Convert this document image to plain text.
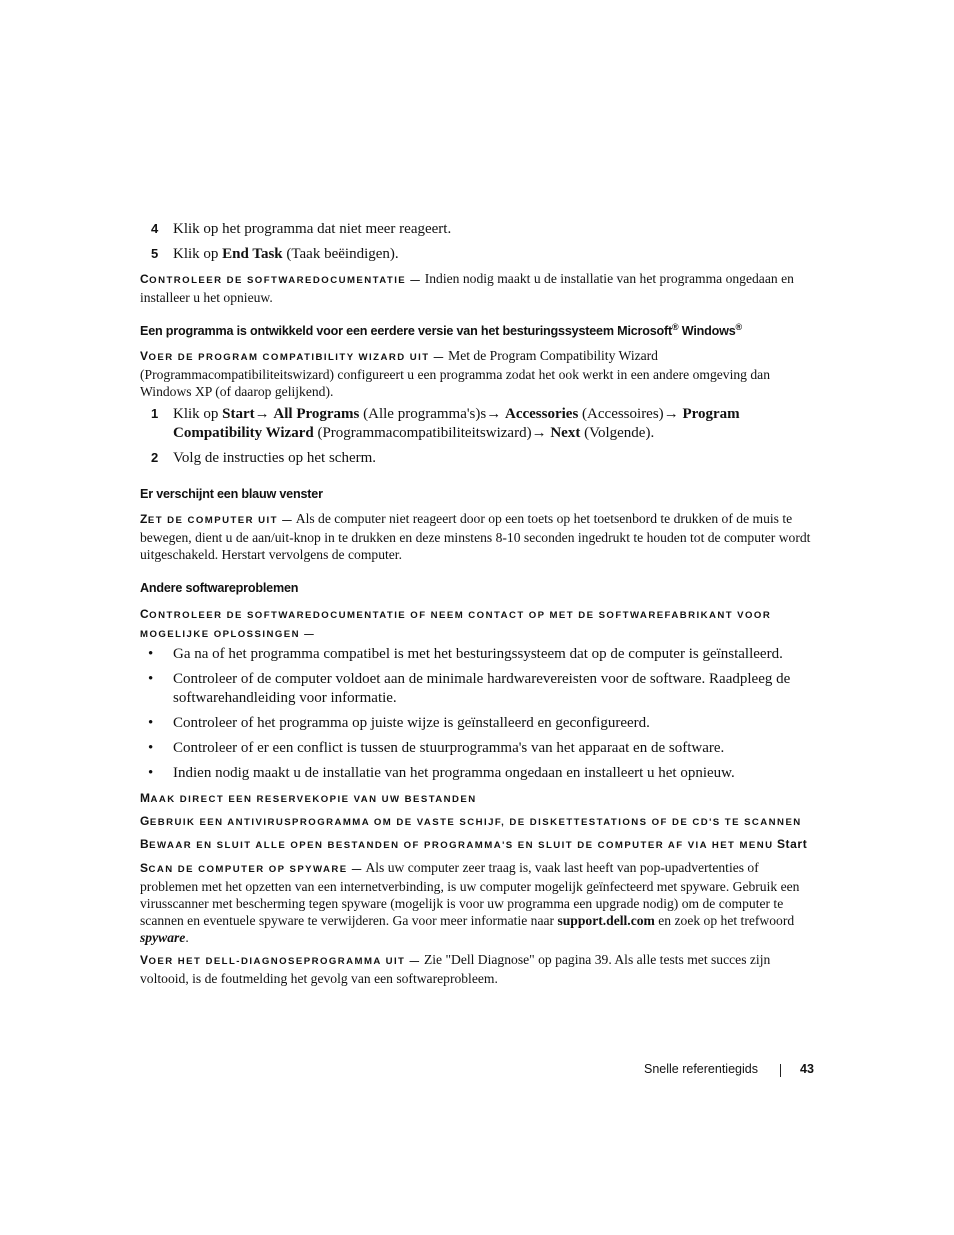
4 Klik op het programma dat niet meer reageert.
5 Klik op End Task (Taak beëindigen).
CONTROLEER DE SOFTWAREDOCUMENTATIE — Indien nodig maakt u de installatie van het programma ongedaan en installeer u het opnieuw.
Een programma is ontwikkeld voor een eerdere versie van het besturingssysteem Microsoft® Windows®
VOER DE PROGRAM COMPATIBILITY WIZARD UIT — Met de Program Compatibility Wizard (Programmacompatibiliteitswizard) configureert u een programma zodat het ook werkt in een andere omgeving dan Windows XP (of daarop gelijkend).
1 Klik op Start→ All Programs (Alle programma's)s→ Accessories (Accessoires)→ Program Compatibility Wizard (Programmacompatibiliteitswizard)→ Next (Volgende).
2 Volg de instructies op het scherm.
Er verschijnt een blauw venster
ZET DE COMPUTER UIT — Als de computer niet reageert door op een toets op het toetsenbord te drukken of de muis te bewegen, dient u de aan/uit-knop in te drukken en deze minstens 8-10 seconden ingedrukt te houden tot de computer wordt uitgeschakeld. Herstart vervolgens de computer.
Andere softwareproblemen
CONTROLEER DE SOFTWAREDOCUMENTATIE OF NEEM CONTACT OP MET DE SOFTWAREFABRIKANT VOOR MOGELIJKE OPLOSSINGEN —
• Ga na of het programma compatibel is met het besturingssysteem dat op de computer is geïnstalleerd.
• Controleer of de computer voldoet aan de minimale hardwarevereisten voor de software. Raadpleeg de softwarehandleiding voor informatie.
• Controleer of het programma op juiste wijze is geïnstalleerd en geconfigureerd.
• Controleer of er een conflict is tussen de stuurprogramma's van het apparaat en de software.
• Indien nodig maakt u de installatie van het programma ongedaan en installeert u het opnieuw.
MAAK DIRECT EEN RESERVEKOPIE VAN UW BESTANDEN
GEBRUIK EEN ANTIVIRUSPROGRAMMA OM DE VASTE SCHIJF, DE DISKETTESTATIONS OF DE CD'S TE SCANNEN
BEWAAR EN SLUIT ALLE OPEN BESTANDEN OF PROGRAMMA'S EN SLUIT DE COMPUTER AF VIA HET MENU Start
SCAN DE COMPUTER OP SPYWARE — Als uw computer zeer traag is, vaak last heeft van pop-upadvertenties of problemen met het opzetten van een internetverbinding, is uw computer mogelijk geïnfecteerd met spyware. Gebruik een virusscanner met bescherming tegen spyware (mogelijk is voor uw programma een upgrade nodig) om de computer te scannen en eventuele spyware te verwijderen. Ga voor meer informatie naar support.dell.com en zoek op het trefwoord spyware.
VOER HET DELL-DIAGNOSEPROGRAMMA UIT — Zie "Dell Diagnose" op pagina 39. Als alle tests met succes zijn voltooid, is de foutmelding het gevolg van een softwareprobleem.
Snelle referentiegids	43
